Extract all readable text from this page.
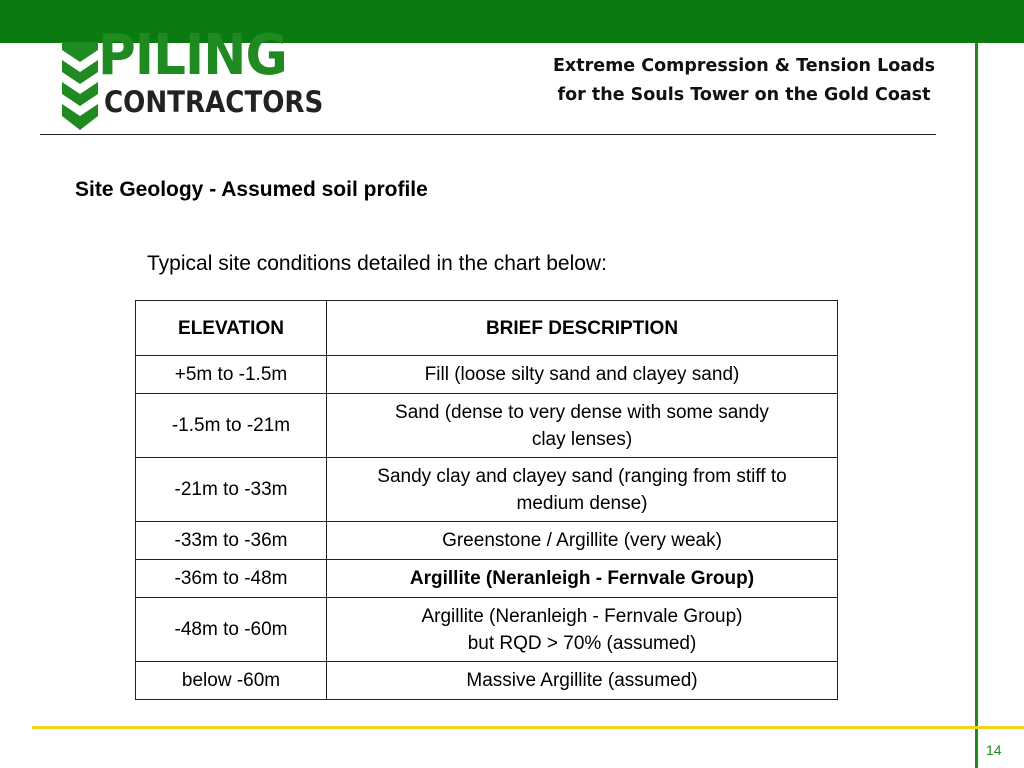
PILING
CONTRACTORS
Extreme Compression & Tension Loads
for the Souls Tower on the Gold Coast
Site Geology - Assumed soil profile
Typical site conditions detailed in the chart below:
ELEVATION	BRIEF DESCRIPTION
+5m to -1.5m	Fill (loose silty sand and clayey sand)
-1.5m to -21m	Sand (dense to very dense with some sandy
clay lenses)
-21m to -33m	Sandy clay and clayey sand (ranging from stiff to
medium dense)
-33m to -36m	Greenstone / Argillite (very weak)
-36m to -48m	Argillite (Neranleigh - Fernvale Group)
-48m to -60m	Argillite (Neranleigh - Fernvale Group)
but RQD > 70% (assumed)
below -60m	Massive Argillite (assumed)
14
